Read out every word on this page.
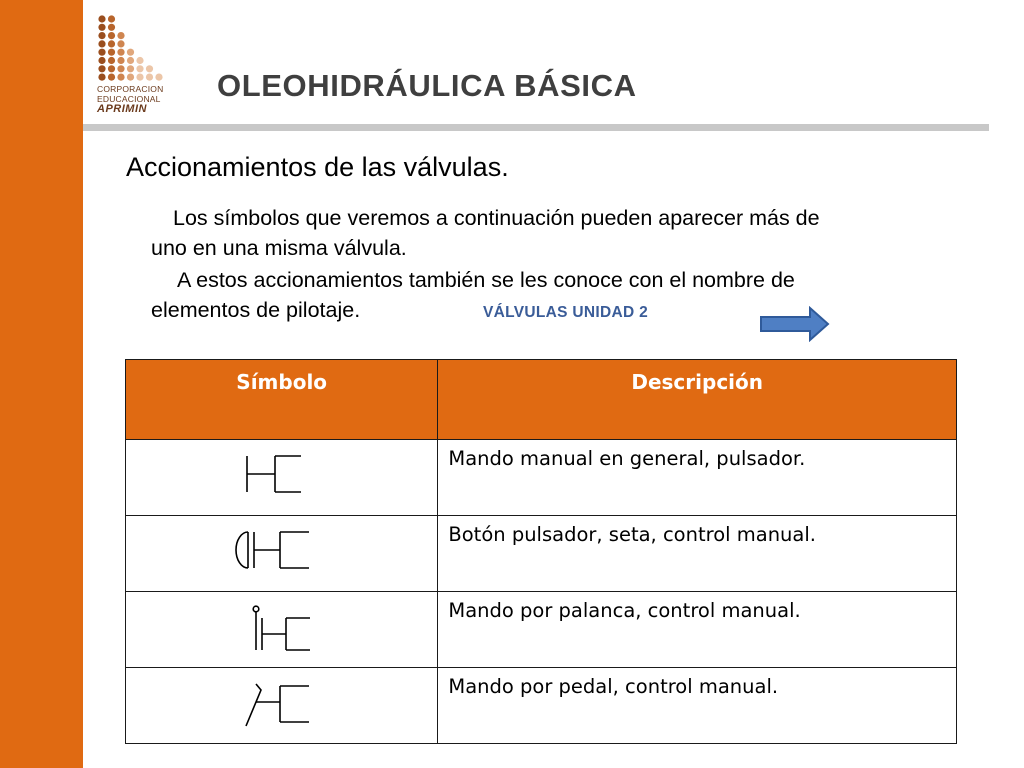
CORPORACION
EDUCACIONAL
APRIMIN
OLEOHIDRÁULICA BÁSICA
Accionamientos de las válvulas.
Los símbolos que veremos a continuación pueden aparecer más de
uno en una misma válvula.
A estos accionamientos también se les conoce con el nombre de
elementos de pilotaje.	VÁLVULAS UNIDAD 2
Símbolo	Descripción

	Mando manual en general, pulsador.

	Botón pulsador, seta, control manual.

	Mando por palanca, control manual.

	Mando por pedal, control manual.
